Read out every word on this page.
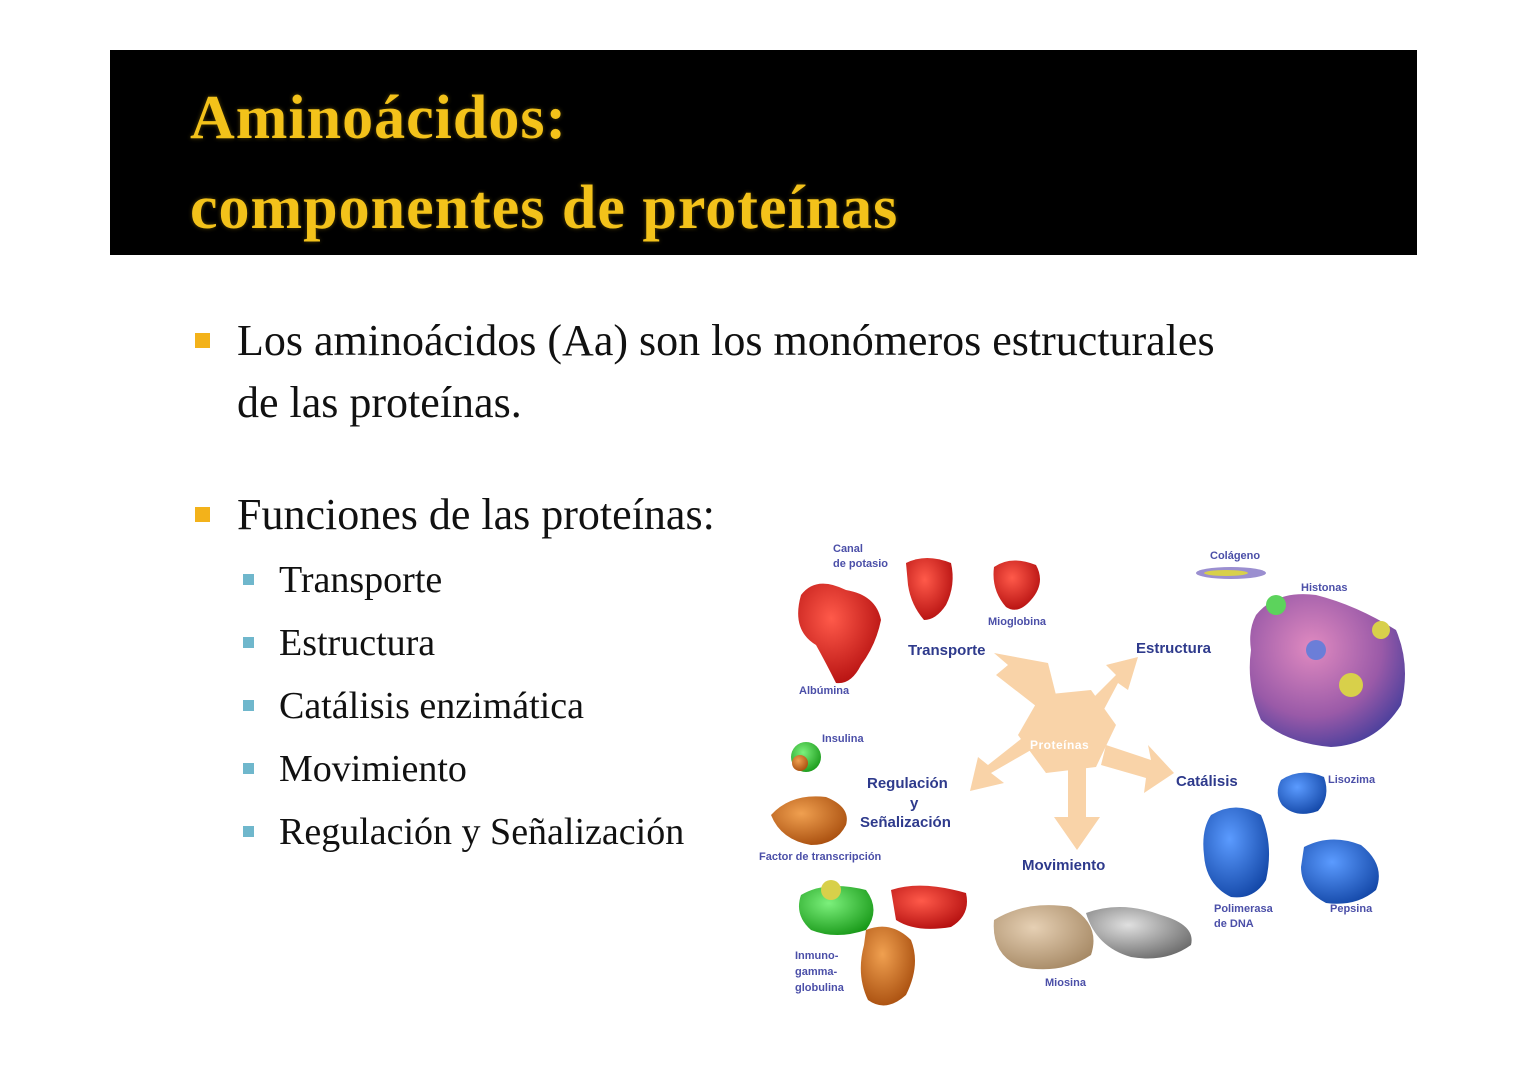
Aminoácidos:
componentes de proteínas
Los aminoácidos (Aa) son los monómeros estructurales
de las proteínas.
Funciones de las proteínas:
Transporte
Estructura
Catálisis enzimática
Movimiento
Regulación y Señalización
Proteínas
Transporte	Estructura
Catálisis
Movimiento
Regulación
y
Señalización
Canal
de potasio
Mioglobina
Albúmina
Colágeno
Histonas
Insulina
Factor de transcripción
Lisozima
Polimerasa
de DNA
Pepsina
Inmuno-
gamma-
globulina	Miosina
